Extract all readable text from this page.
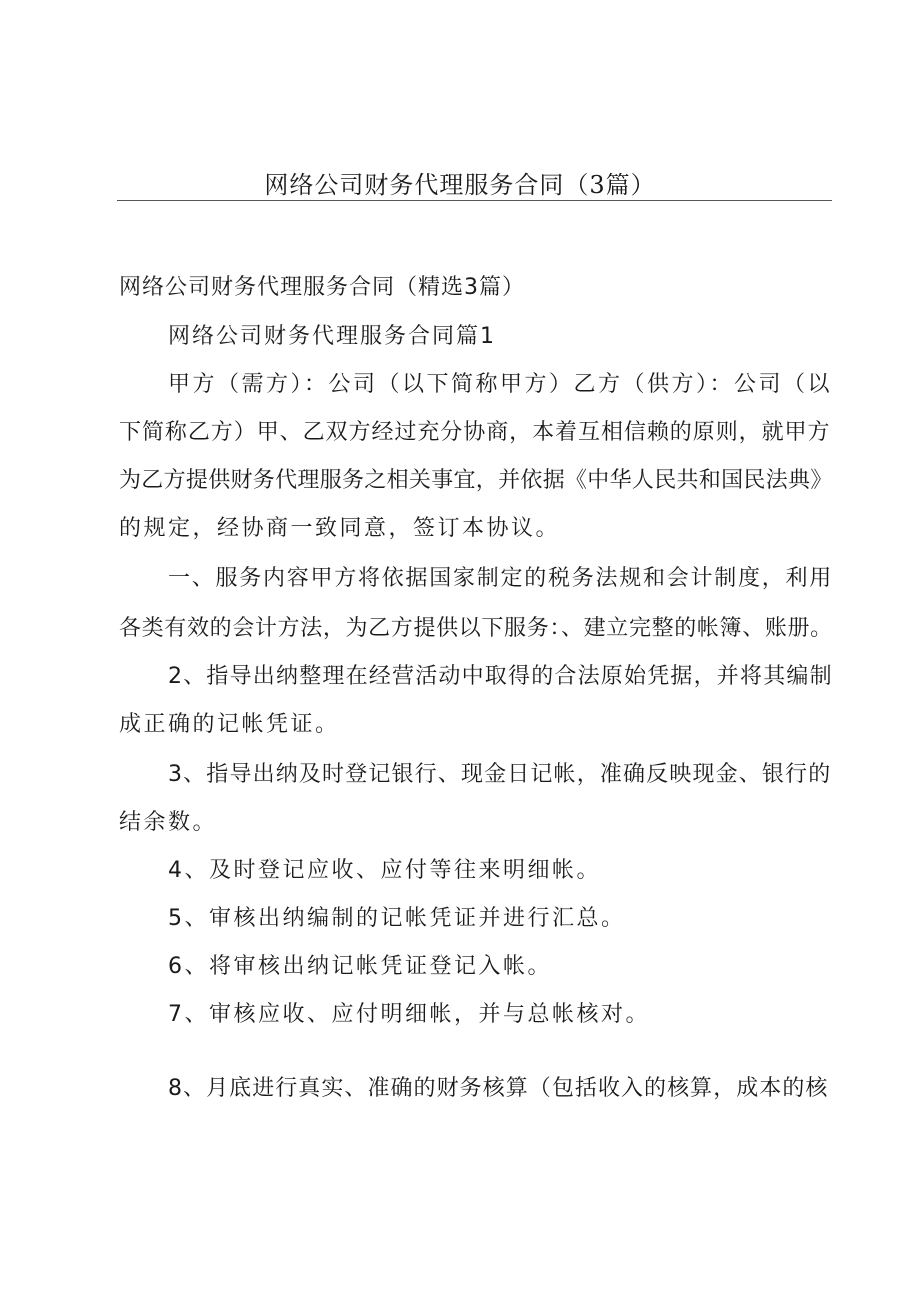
网络公司财务代理服务合同（3篇）
网络公司财务代理服务合同（精选3篇）
网络公司财务代理服务合同篇1
甲方（需方）：公司（以下简称甲方）乙方（供方）：公司（以
下简称乙方）甲、乙双方经过充分协商，本着互相信赖的原则，就甲方
为乙方提供财务代理服务之相关事宜，并依据《中华人民共和国民法典》
的规定，经协商一致同意，签订本协议。
一、服务内容甲方将依据国家制定的税务法规和会计制度，利用
各类有效的会计方法，为乙方提供以下服务：、建立完整的帐簿、账册。
2、指导出纳整理在经营活动中取得的合法原始凭据，并将其编制
成正确的记帐凭证。
3、指导出纳及时登记银行、现金日记帐，准确反映现金、银行的
结余数。
4、及时登记应收、应付等往来明细帐。
5、审核出纳编制的记帐凭证并进行汇总。
6、将审核出纳记帐凭证登记入帐。
7、审核应收、应付明细帐，并与总帐核对。
8、月底进行真实、准确的财务核算（包括收入的核算，成本的核
